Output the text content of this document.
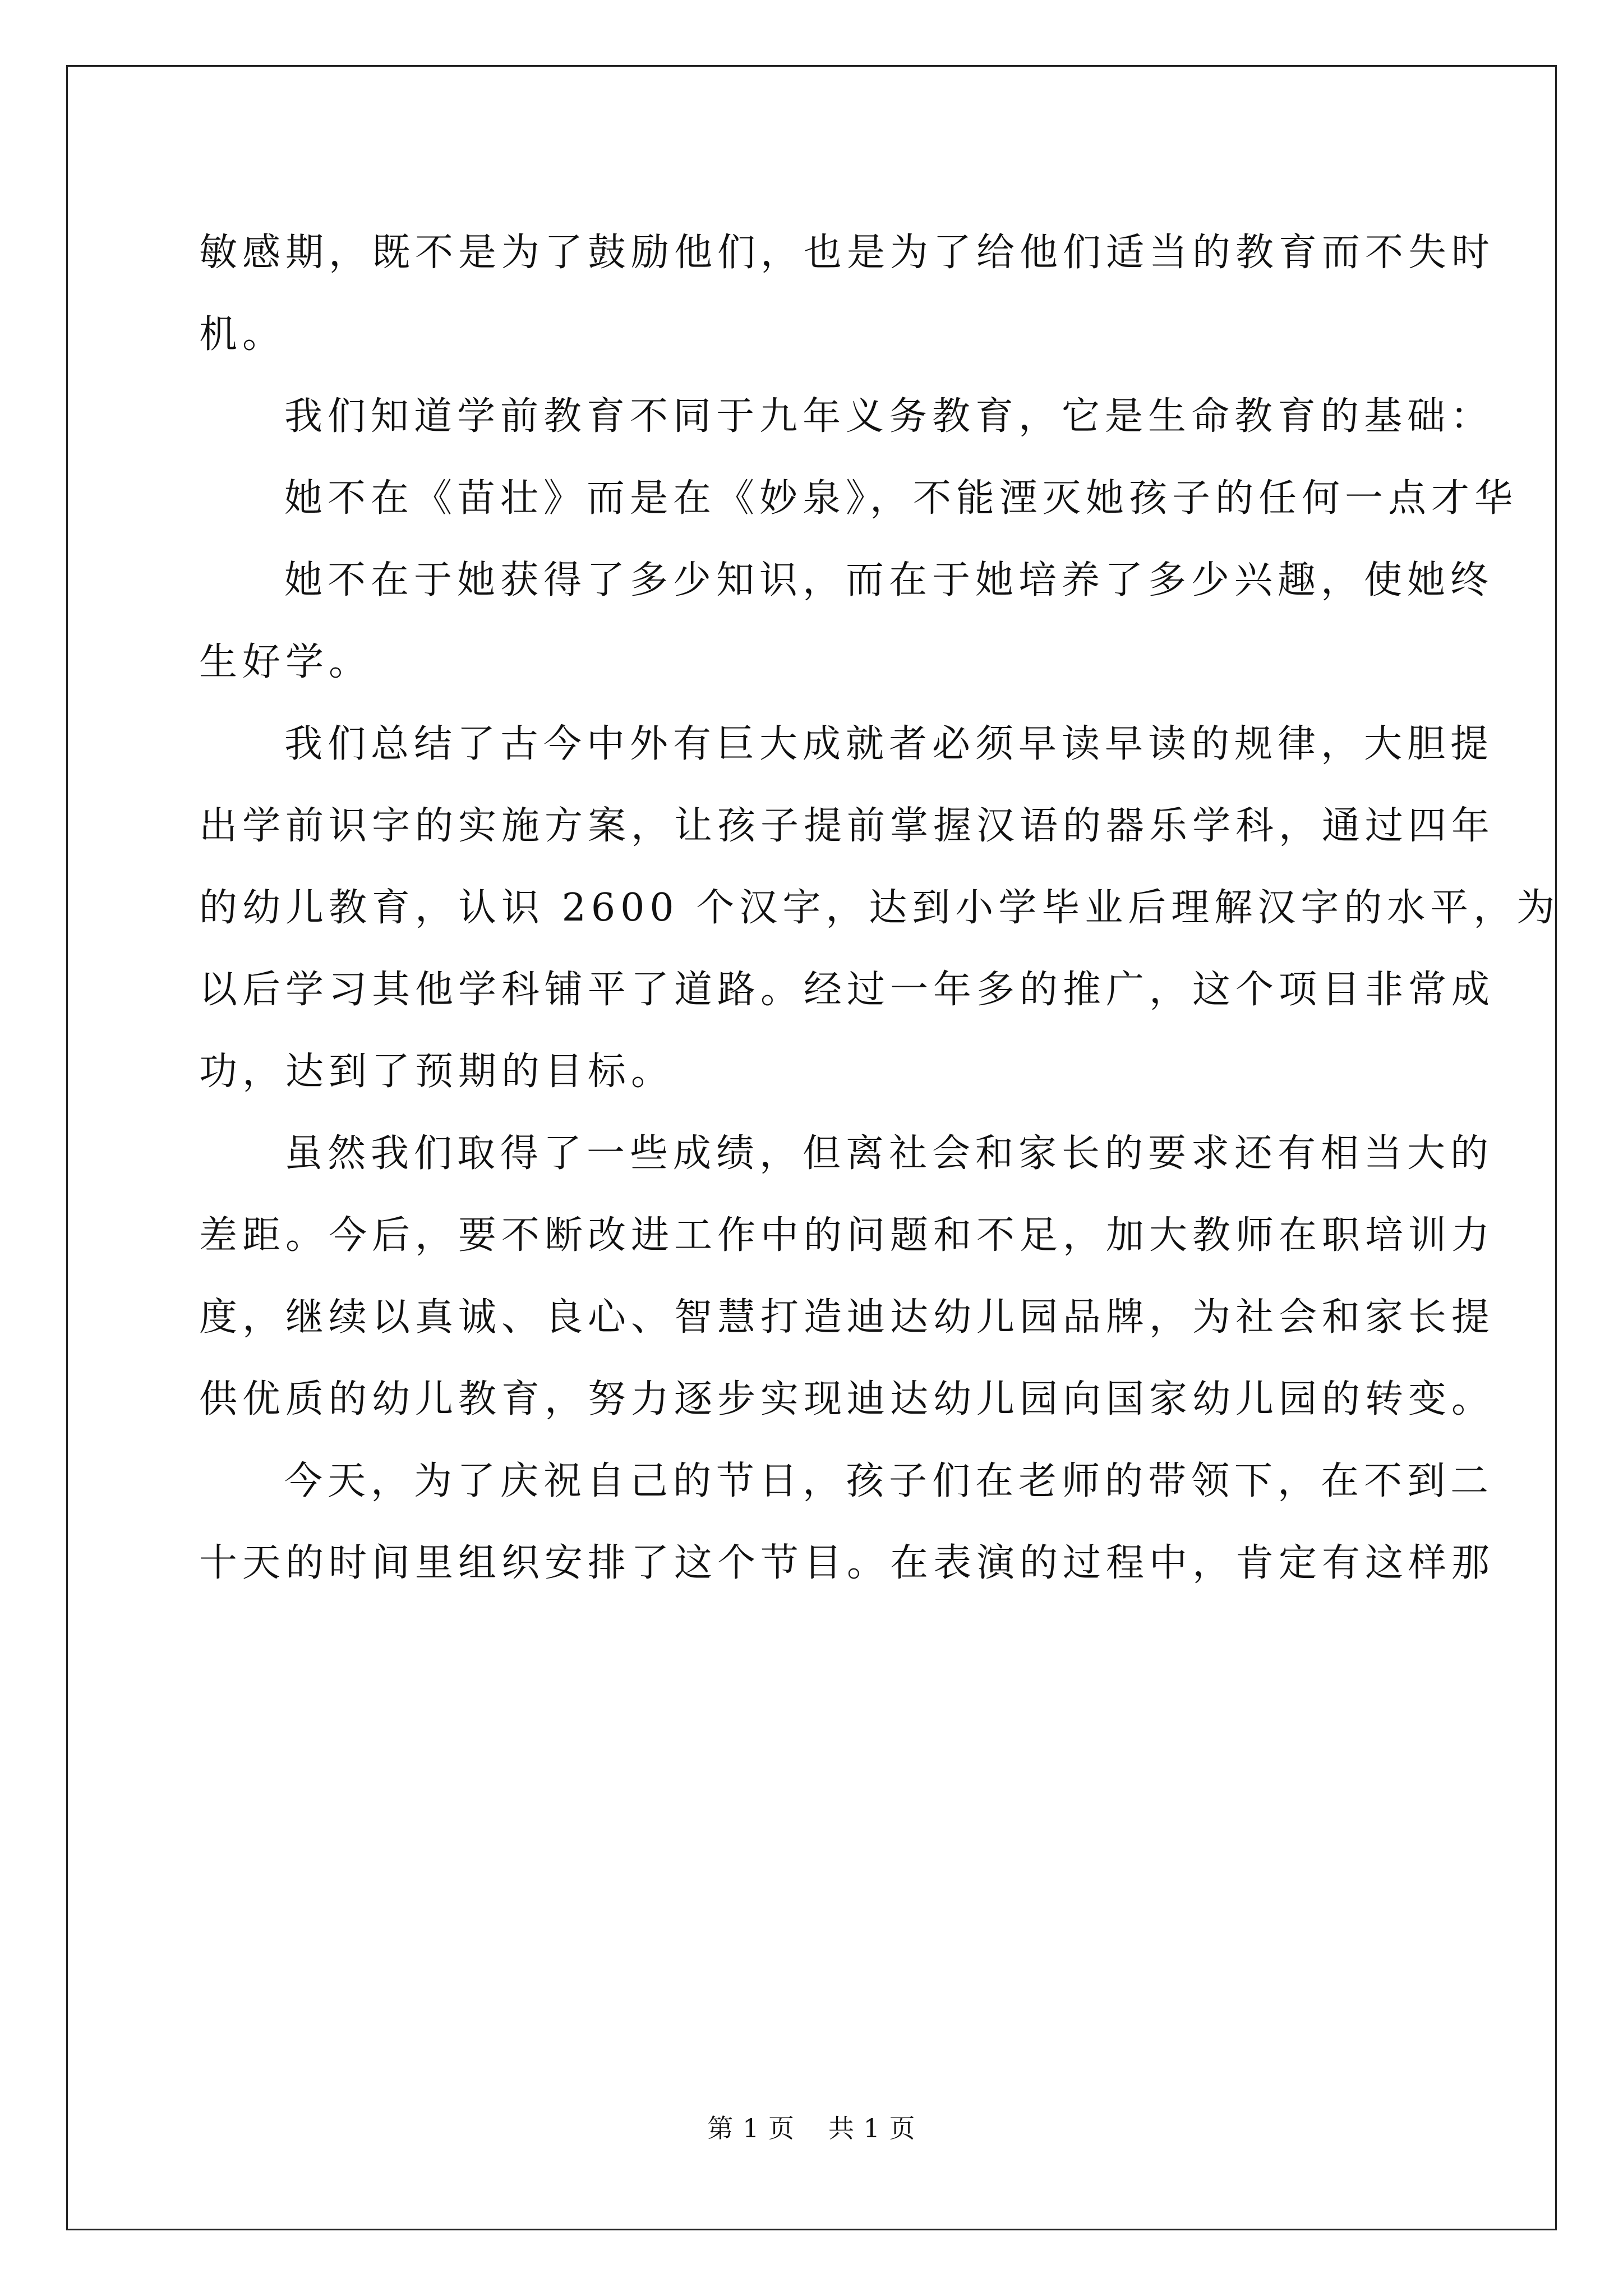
敏感期，既不是为了鼓励他们，也是为了给他们适当的教育而不失时
机。
我们知道学前教育不同于九年义务教育，它是生命教育的基础：
她不在《苗壮》而是在《妙泉》，不能湮灭她孩子的任何一点才华
她不在于她获得了多少知识，而在于她培养了多少兴趣，使她终
生好学。
我们总结了古今中外有巨大成就者必须早读早读的规律，大胆提
出学前识字的实施方案，让孩子提前掌握汉语的器乐学科，通过四年
的幼儿教育，认识 2600 个汉字，达到小学毕业后理解汉字的水平，为
以后学习其他学科铺平了道路。经过一年多的推广，这个项目非常成
功，达到了预期的目标。
虽然我们取得了一些成绩，但离社会和家长的要求还有相当大的
差距。今后，要不断改进工作中的问题和不足，加大教师在职培训力
度，继续以真诚、良心、智慧打造迪达幼儿园品牌，为社会和家长提
供优质的幼儿教育，努力逐步实现迪达幼儿园向国家幼儿园的转变。
今天，为了庆祝自己的节日，孩子们在老师的带领下，在不到二
十天的时间里组织安排了这个节目。在表演的过程中，肯定有这样那
第 1 页 共 1 页
